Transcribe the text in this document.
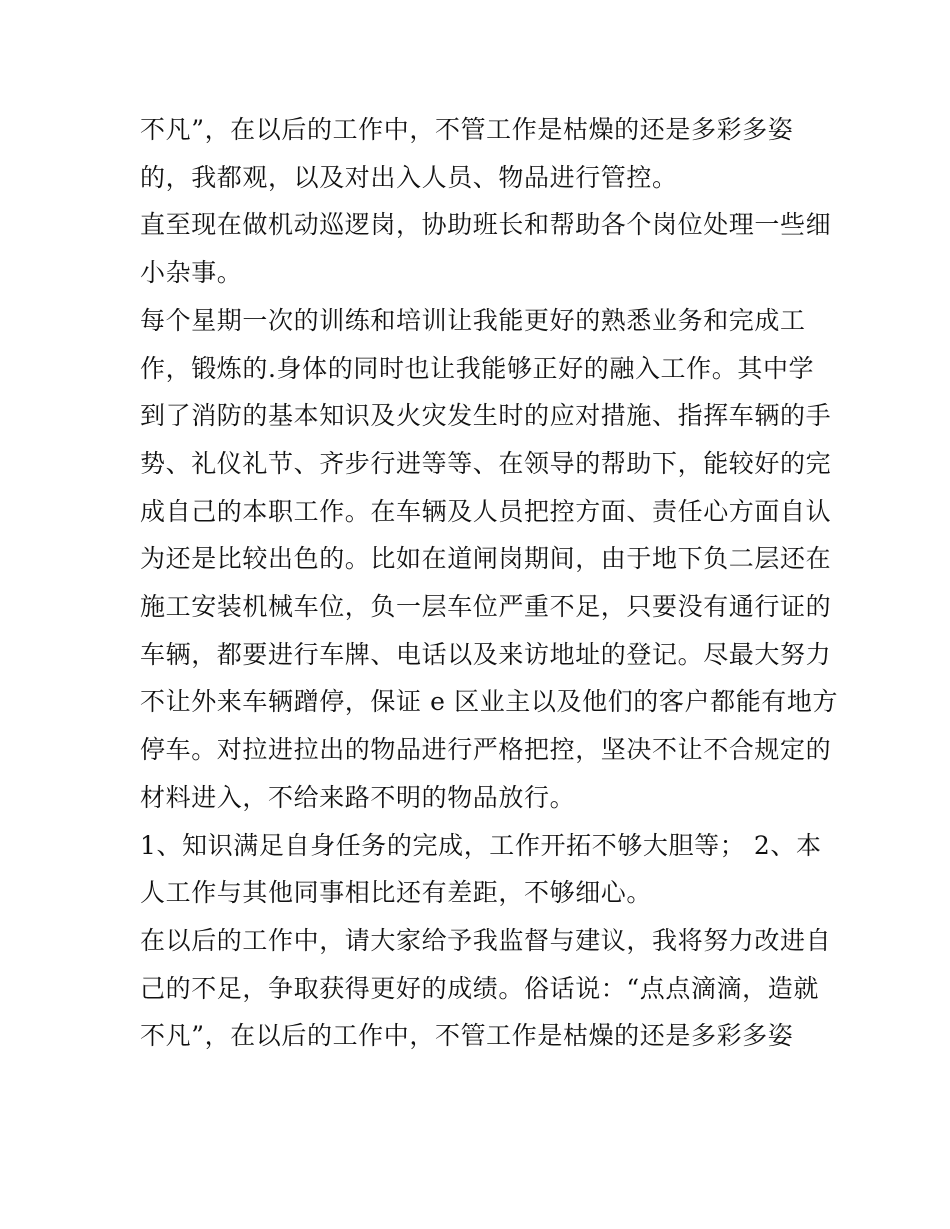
不凡”，在以后的工作中，不管工作是枯燥的还是多彩多姿
的，我都观，以及对出入人员、物品进行管控。
直至现在做机动巡逻岗，协助班长和帮助各个岗位处理一些细
小杂事。
每个星期一次的训练和培训让我能更好的熟悉业务和完成工
作，锻炼的.身体的同时也让我能够正好的融入工作。其中学
到了消防的基本知识及火灾发生时的应对措施、指挥车辆的手
势、礼仪礼节、齐步行进等等、在领导的帮助下，能较好的完
成自己的本职工作。在车辆及人员把控方面、责任心方面自认
为还是比较出色的。比如在道闸岗期间，由于地下负二层还在
施工安装机械车位，负一层车位严重不足，只要没有通行证的
车辆，都要进行车牌、电话以及来访地址的登记。尽最大努力
不让外来车辆蹭停，保证 e 区业主以及他们的客户都能有地方
停车。对拉进拉出的物品进行严格把控，坚决不让不合规定的
材料进入，不给来路不明的物品放行。
1、知识满足自身任务的完成，工作开拓不够大胆等； 2、本
人工作与其他同事相比还有差距，不够细心。
在以后的工作中，请大家给予我监督与建议，我将努力改进自
己的不足，争取获得更好的成绩。俗话说：“点点滴滴，造就
不凡”，在以后的工作中，不管工作是枯燥的还是多彩多姿
